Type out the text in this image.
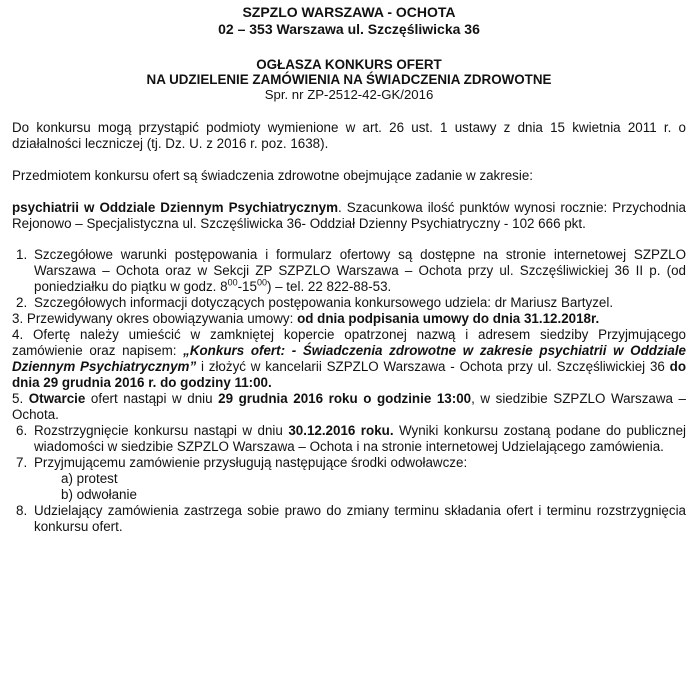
SZPZLO WARSZAWA - OCHOTA
02 – 353 Warszawa ul. Szczęśliwicka 36
OGŁASZA KONKURS OFERT
NA UDZIELENIE ZAMÓWIENIA NA ŚWIADCZENIA ZDROWOTNE
Spr. nr ZP-2512-42-GK/2016

Do konkursu mogą przystąpić podmioty wymienione w art. 26 ust. 1 ustawy z dnia 15 kwietnia 2011 r. o działalności leczniczej (tj. Dz. U. z 2016 r. poz. 1638).

Przedmiotem konkursu ofert są świadczenia zdrowotne obejmujące zadanie w zakresie:

psychiatrii w Oddziale Dziennym Psychiatrycznym. Szacunkowa ilość punktów wynosi rocznie: Przychodnia Rejonowo – Specjalistyczna ul. Szczęśliwicka 36- Oddział Dzienny Psychiatryczny - 102 666 pkt.

1. Szczegółowe warunki postępowania i formularz ofertowy są dostępne na stronie internetowej SZPZLO Warszawa – Ochota oraz w Sekcji ZP SZPZLO Warszawa – Ochota przy ul. Szczęśliwickiej 36 II p. (od poniedziałku do piątku w godz. $8^{00}-15^{00}$) – tel. 22 822-88-53.
2. Szczegółowych informacji dotyczących postępowania konkursowego udziela: dr Mariusz Bartyzel.
3. Przewidywany okres obowiązywania umowy: od dnia podpisania umowy do dnia 31.12.2018r.
4. Ofertę należy umieścić w zamkniętej kopercie opatrzonej nazwą i adresem siedziby Przyjmującego zamówienie oraz napisem: „Konkurs ofert: - Świadczenia zdrowotne w zakresie psychiatrii w Oddziale Dziennym Psychiatrycznym” i złożyć w kancelarii SZPZLO Warszawa - Ochota przy ul. Szczęśliwickiej 36 do dnia 29 grudnia 2016 r. do godziny 11:00.
5. Otwarcie ofert nastąpi w dniu 29 grudnia 2016 roku o godzinie 13:00, w siedzibie SZPZLO Warszawa – Ochota.
6. Rozstrzygnięcie konkursu nastąpi w dniu 30.12.2016 roku. Wyniki konkursu zostaną podane do publicznej wiadomości w siedzibie SZPZLO Warszawa – Ochota i na stronie internetowej Udzielającego zamówienia.
7. Przyjmującemu zamówienie przysługują następujące środki odwoławcze:
a) protest
b) odwołanie
8. Udzielający zamówienia zastrzega sobie prawo do zmiany terminu składania ofert i terminu rozstrzygnięcia konkursu ofert.
